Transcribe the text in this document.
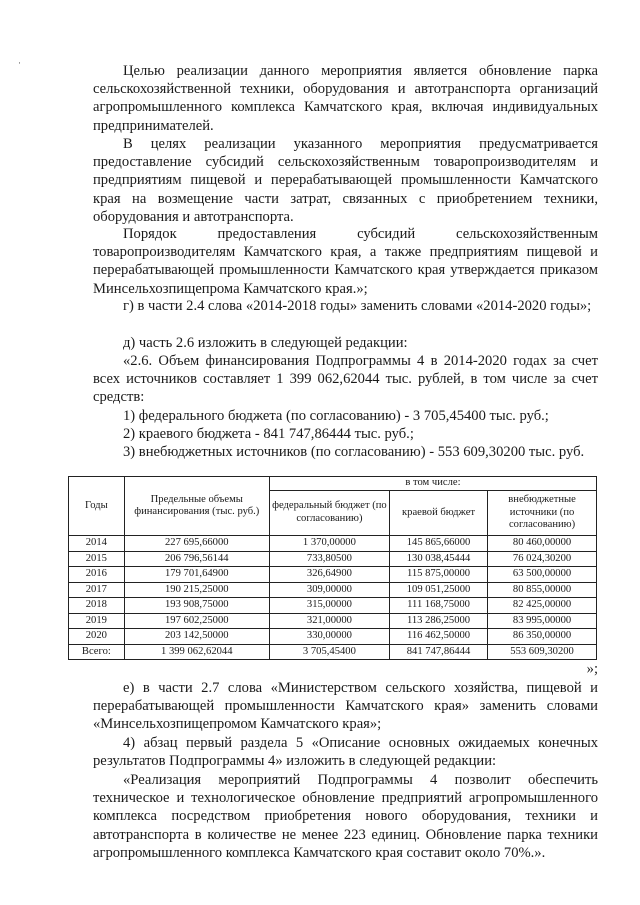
·	Целью реализации данного мероприятия является обновление парка сельскохозяйственной техники, оборудования и автотранспорта организаций агропромышленного комплекса Камчатского края, включая индивидуальных предпринимателей.

В целях реализации указанного мероприятия предусматривается предоставление субсидий сельскохозяйственным товаропроизводителям и предприятиям пищевой и перерабатывающей промышленности Камчатского края на возмещение части затрат, связанных с приобретением техники, оборудования и автотранспорта.

Порядок предоставления субсидий сельскохозяйственным товаропроизводителям Камчатского края, а также предприятиям пищевой и перерабатывающей промышленности Камчатского края утверждается приказом Минсельхозпищепрома Камчатского края.»;

г) в части 2.4 слова «2014-2018 годы» заменить словами «2014-2020 годы»;

д) часть 2.6 изложить в следующей редакции:

«2.6. Объем финансирования Подпрограммы 4 в 2014-2020 годах за счет всех источников составляет 1 399 062,62044 тыс. рублей, в том числе за счет средств:

1) федерального бюджета (по согласованию) - 3 705,45400 тыс. руб.;

2) краевого бюджета - 841 747,86444 тыс. руб.;

3) внебюджетных источников (по согласованию) - 553 609,30200 тыс. руб.

Годы	Предельные объемы финансирования (тыс. руб.)	в том числе:		
		федеральный бюджет (по согласованию)	краевой бюджет	внебюджетные источники (по согласованию)
2014	227 695,66000	1 370,00000	145 865,66000	80 460,00000
2015	206 796,56144	733,80500	130 038,45444	76 024,30200
2016	179 701,64900	326,64900	115 875,00000	63 500,00000
2017	190 215,25000	309,00000	109 051,25000	80 855,00000
2018	193 908,75000	315,00000	111 168,75000	82 425,00000
2019	197 602,25000	321,00000	113 286,25000	83 995,00000
2020	203 142,50000	330,00000	116 462,50000	86 350,00000
Всего:	1 399 062,62044	3 705,45400	841 747,86444	553 609,30200
»;

е) в части 2.7 слова «Министерством сельского хозяйства, пищевой и перерабатывающей промышленности Камчатского края» заменить словами «Минсельхозпищепромом Камчатского края»;

4) абзац первый раздела 5 «Описание основных ожидаемых конечных результатов Подпрограммы 4» изложить в следующей редакции:

«Реализация мероприятий Подпрограммы 4 позволит обеспечить техническое и технологическое обновление предприятий агропромышленного комплекса посредством приобретения нового оборудования, техники и автотранспорта в количестве не менее 223 единиц. Обновление парка техники агропромышленного комплекса Камчатского края составит около 70%.».
